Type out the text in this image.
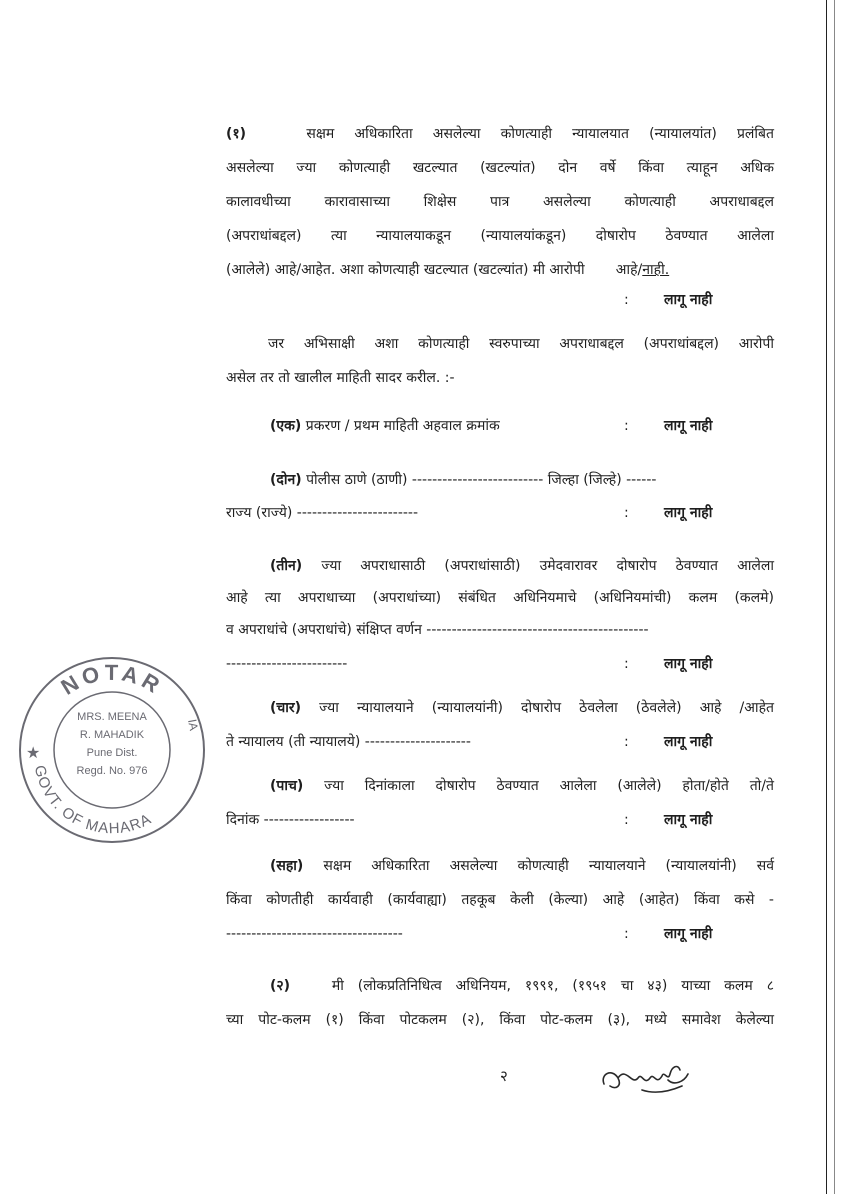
(१)	सक्षम अधिकारिता असलेल्या कोणत्याही न्यायालयात (न्यायालयांत) प्रलंबित
असलेल्या ज्या कोणत्याही खटल्यात (खटल्यांत) दोन वर्षे किंवा त्याहून अधिक
कालावधीच्या कारावासाच्या शिक्षेस पात्र असलेल्या कोणत्याही अपराधाबद्दल
(अपराधांबद्दल) त्या न्यायालयाकडून (न्यायालयांकडून) दोषारोप ठेवण्यात आलेला
(आलेले) आहे/आहेत. अशा कोणत्याही खटल्यात (खटल्यांत) मी आरोपी आहे/नाही.
:	लागू नाही
जर अभिसाक्षी अशा कोणत्याही स्वरुपाच्या अपराधाबद्दल (अपराधांबद्दल) आरोपी
असेल तर तो खालील माहिती सादर करील. :-
(एक) प्रकरण / प्रथम माहिती अहवाल क्रमांक	:	लागू नाही
(दोन) पोलीस ठाणे (ठाणी) -------------------------- जिल्हा (जिल्हे) ------
राज्य (राज्ये) ------------------------	:	लागू नाही
(तीन) ज्या अपराधासाठी (अपराधांसाठी) उमेदवारावर दोषारोप ठेवण्यात आलेला
आहे त्या अपराधाच्या (अपराधांच्या) संबंधित अधिनियमाचे (अधिनियमांची) कलम (कलमे)
व अपराधांचे (अपराधांचे) संक्षिप्त वर्णन --------------------------------------------
------------------------	:	लागू नाही
(चार) ज्या न्यायालयाने (न्यायालयांनी) दोषारोप ठेवलेला (ठेवलेले) आहे /आहेत
ते न्यायालय (ती न्यायालये) ---------------------	:	लागू नाही
(पाच) ज्या दिनांकाला दोषारोप ठेवण्यात आलेला (आलेले) होता/होते तो/ते
दिनांक ------------------	:	लागू नाही
(सहा) सक्षम अधिकारिता असलेल्या कोणत्याही न्यायालयाने (न्यायालयांनी) सर्व
किंवा कोणतीही कार्यवाही (कार्यवाह्या) तहकूब केली (केल्या) आहे (आहेत) किंवा कसे -
-----------------------------------	:	लागू नाही
(२)	मी (लोकप्रतिनिधित्व अधिनियम, १९९१, (१९५१ चा ४३) याच्या कलम ८
च्या पोट-कलम (१) किंवा पोटकलम (२), किंवा पोट-कलम (३), मध्ये समावेश केलेल्या
२
NOTAR
GOVT. OF MAHARA
MRS. MEENA
R. MAHADIK
Pune Dist.
Regd. No. 976
IA
★
